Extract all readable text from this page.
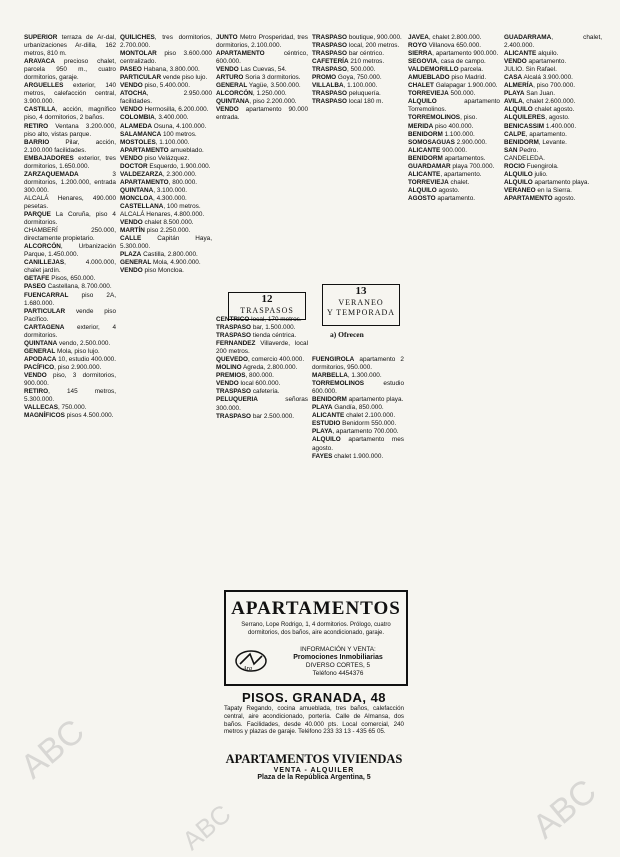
SUPERIOR terraza de Ar-dal, urbanizaciones Ar-dilla, 162 metros, 810 m.

ARAVACA precioso chalet, parcela 950 m., cuatro dormitorios, garaje.

ARGUELLES exterior, 140 metros, calefacción central, 3.900.000.

CASTILLA, acción, magnífico piso, 4 dormitorios, 2 baños.

RETIRO Ventana 3.200.000, piso alto, vistas parque.

BARRIO Pilar, acción, 2.100.000 facilidades.

EMBAJADORES exterior, tres dormitorios, 1.650.000.

ZARZAQUEMADA 3 dormitorios, 1.200.000, entrada 300.000.

ALCALÁ Henares, 490.000 pesetas.

PARQUE La Coruña, piso 4 dormitorios.

CHAMBERÍ 250.000, directamente propietario.

ALCORCÓN, Urbanización Parque, 1.450.000.

CANILLEJAS, 4.000.000, chalet jardín.

GETAFE Pisos, 650.000.

PASEO Castellana, 8.700.000.

FUENCARRAL piso 2A, 1.680.000.

PARTICULAR vende piso Pacífico.

CARTAGENA exterior, 4 dormitorios.

QUINTANA vendo, 2.500.000.

GENERAL Mola, piso lujo.

APODACA 10, estudio 400.000.

PACÍFICO, piso 2.900.000.

VENDO piso, 3 dormitorios, 900.000.

RETIRO, 145 metros, 5.300.000.

VALLECAS, 750.000.

MAGNÍFICOS pisos 4.500.000.

QUILICHES, tres dormitorios, 2.700.000.

MONTOLAR piso 3.600.000 centralizado.

PASEO Habana, 3.800.000.

PARTICULAR vende piso lujo.

VENDO piso, 5.400.000.

ATOCHA, 2.950.000 facilidades.

VENDO Hermosilla, 6.200.000.

COLOMBIA, 3.400.000.

ALAMEDA Osuna, 4.100.000.

SALAMANCA 100 metros.

MOSTOLES, 1.100.000.

APARTAMENTO amueblado.

VENDO piso Velázquez.

DOCTOR Esquerdo, 1.900.000.

VALDEZARZA, 2.300.000.

APARTAMENTO, 800.000.

QUINTANA, 3.100.000.

MONCLOA, 4.300.000.

CASTELLANA, 100 metros.

ALCALÁ Henares, 4.800.000.

VENDO chalet 8.500.000.

MARTÍN piso 2.250.000.

CALLE Capitán Haya, 5.300.000.

PLAZA Castilla, 2.800.000.

GENERAL Mola, 4.900.000.

VENDO piso Moncloa.

JUNTO Metro Prosperidad, tres dormitorios, 2.100.000.

APARTAMENTO céntrico, 600.000.

VENDO Las Cuevas, 54.

ARTURO Soria 3 dormitorios.

GENERAL Yagüe, 3.500.000.

ALCORCÓN, 1.250.000.

QUINTANA, piso 2.200.000.

VENDO apartamento 90.000 entrada.

12
TRASPASOS

CENTRICO local, 170 metros.

TRASPASO bar, 1.500.000.

TRASPASO tienda céntrica.

FERNANDEZ Villaverde, local 200 metros.

QUEVEDO, comercio 400.000.

MOLINO Agreda, 2.800.000.

PREMIOS, 800.000.

VENDO local 600.000.

TRASPASO cafetería.

PELUQUERIA señoras 300.000.

TRASPASO bar 2.500.000.

TRASPASO boutique, 900.000.

TRASPASO local, 200 metros.

TRASPASO bar céntrico.

CAFETERÍA 210 metros.

TRASPASO, 500.000.

PROMO Goya, 750.000.

VILLALBA, 1.100.000.

TRASPASO peluquería.

TRASPASO local 180 m.

13
VERANEO
Y TEMPORADA
a) Ofrecen

FUENGIROLA apartamento 2 dormitorios, 950.000.

MARBELLA, 1.300.000.

TORREMOLINOS estudio 600.000.

BENIDORM apartamento playa.

PLAYA Gandía, 850.000.

ALICANTE chalet 2.100.000.

ESTUDIO Benidorm 550.000.

PLAYA, apartamento 700.000.

ALQUILO apartamento mes agosto.

FAYES chalet 1.900.000.

JAVEA, chalet 2.800.000.

ROYO Villanova 650.000.

SIERRA, apartamento 900.000.

SEGOVIA, casa de campo.

VALDEMORILLO parcela.

AMUEBLADO piso Madrid.

CHALET Galapagar 1.900.000.

TORREVIEJA 500.000.

ALQUILO apartamento Torremolinos.

TORREMOLINOS, piso.

MERIDA piso 400.000.

BENIDORM 1.100.000.

SOMOSAGUAS 2.900.000.

ALICANTE 900.000.

BENIDORM apartamentos.

GUARDAMAR playa 700.000.

ALICANTE, apartamento.

TORREVIEJA chalet.

ALQUILO agosto.

AGOSTO apartamento.

GUADARRAMA, chalet, 2.400.000.

ALICANTE alquilo.

VENDO apartamento.

JULIO. Sin Rafael.

CASA Alcalá 3.900.000.

ALMERÍA, piso 700.000.

PLAYA San Juan.

AVILA, chalet 2.600.000.

ALQUILO chalet agosto.

ALQUILERES, agosto.

BENICASSIM 1.400.000.

CALPE, apartamento.

BENIDORM, Levante.

SAN Pedro.

CANDELEDA.

ROCIO Fuengirola.

ALQUILO julio.

ALQUILO apartamento playa.

VERANEO en la Sierra.

APARTAMENTO agosto.

APARTAMENTOS
Serrano, Lope Rodrigo, 1, 4 dormitorios. Prólogo, cuatro dormitorios, dos baños, aire acondicionado, garaje.
Ara
INFORMACIÓN Y VENTA:
Promociones Inmobiliarias
DIVERSO CORTES, 5
Teléfono 4454376
PISOS. GRANADA, 48
Tapaty Regando, cocina amueblada, tres baños, calefacción central, aire acondicionado, portería. Calle de Almansa, dos baños. Facilidades, desde 40.000 pts. Local comercial, 240 metros y plazas de garaje. Teléfono 233 33 13 - 435 65 05.
APARTAMENTOS VIVIENDAS
VENTA - ALQUILER
Plaza de la República Argentina, 5
ABC
ABC
ABC
